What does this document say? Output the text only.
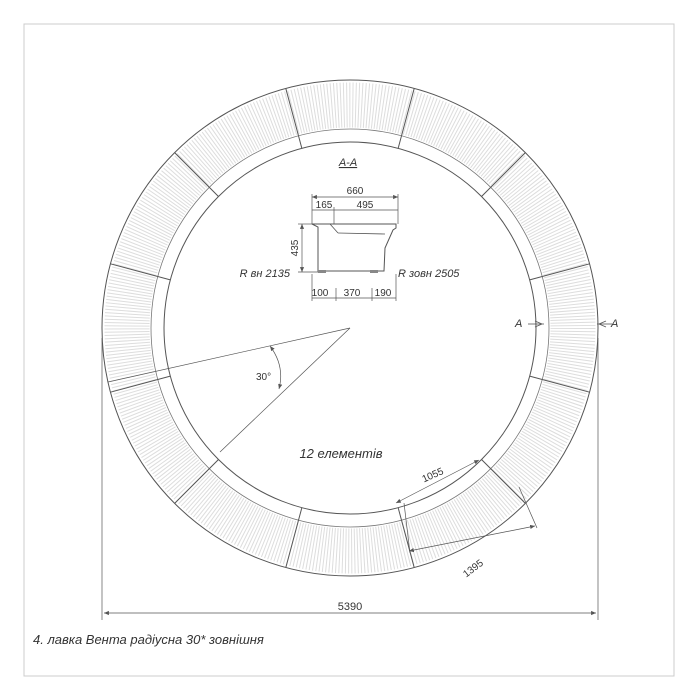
А-А
660
165 495
435
100 370 190
R вн 2135	R зовн 2505
А	А
30°
12 елементів
1055
1395
5390
4. лавка Вента радіусна 30* зовнішня
